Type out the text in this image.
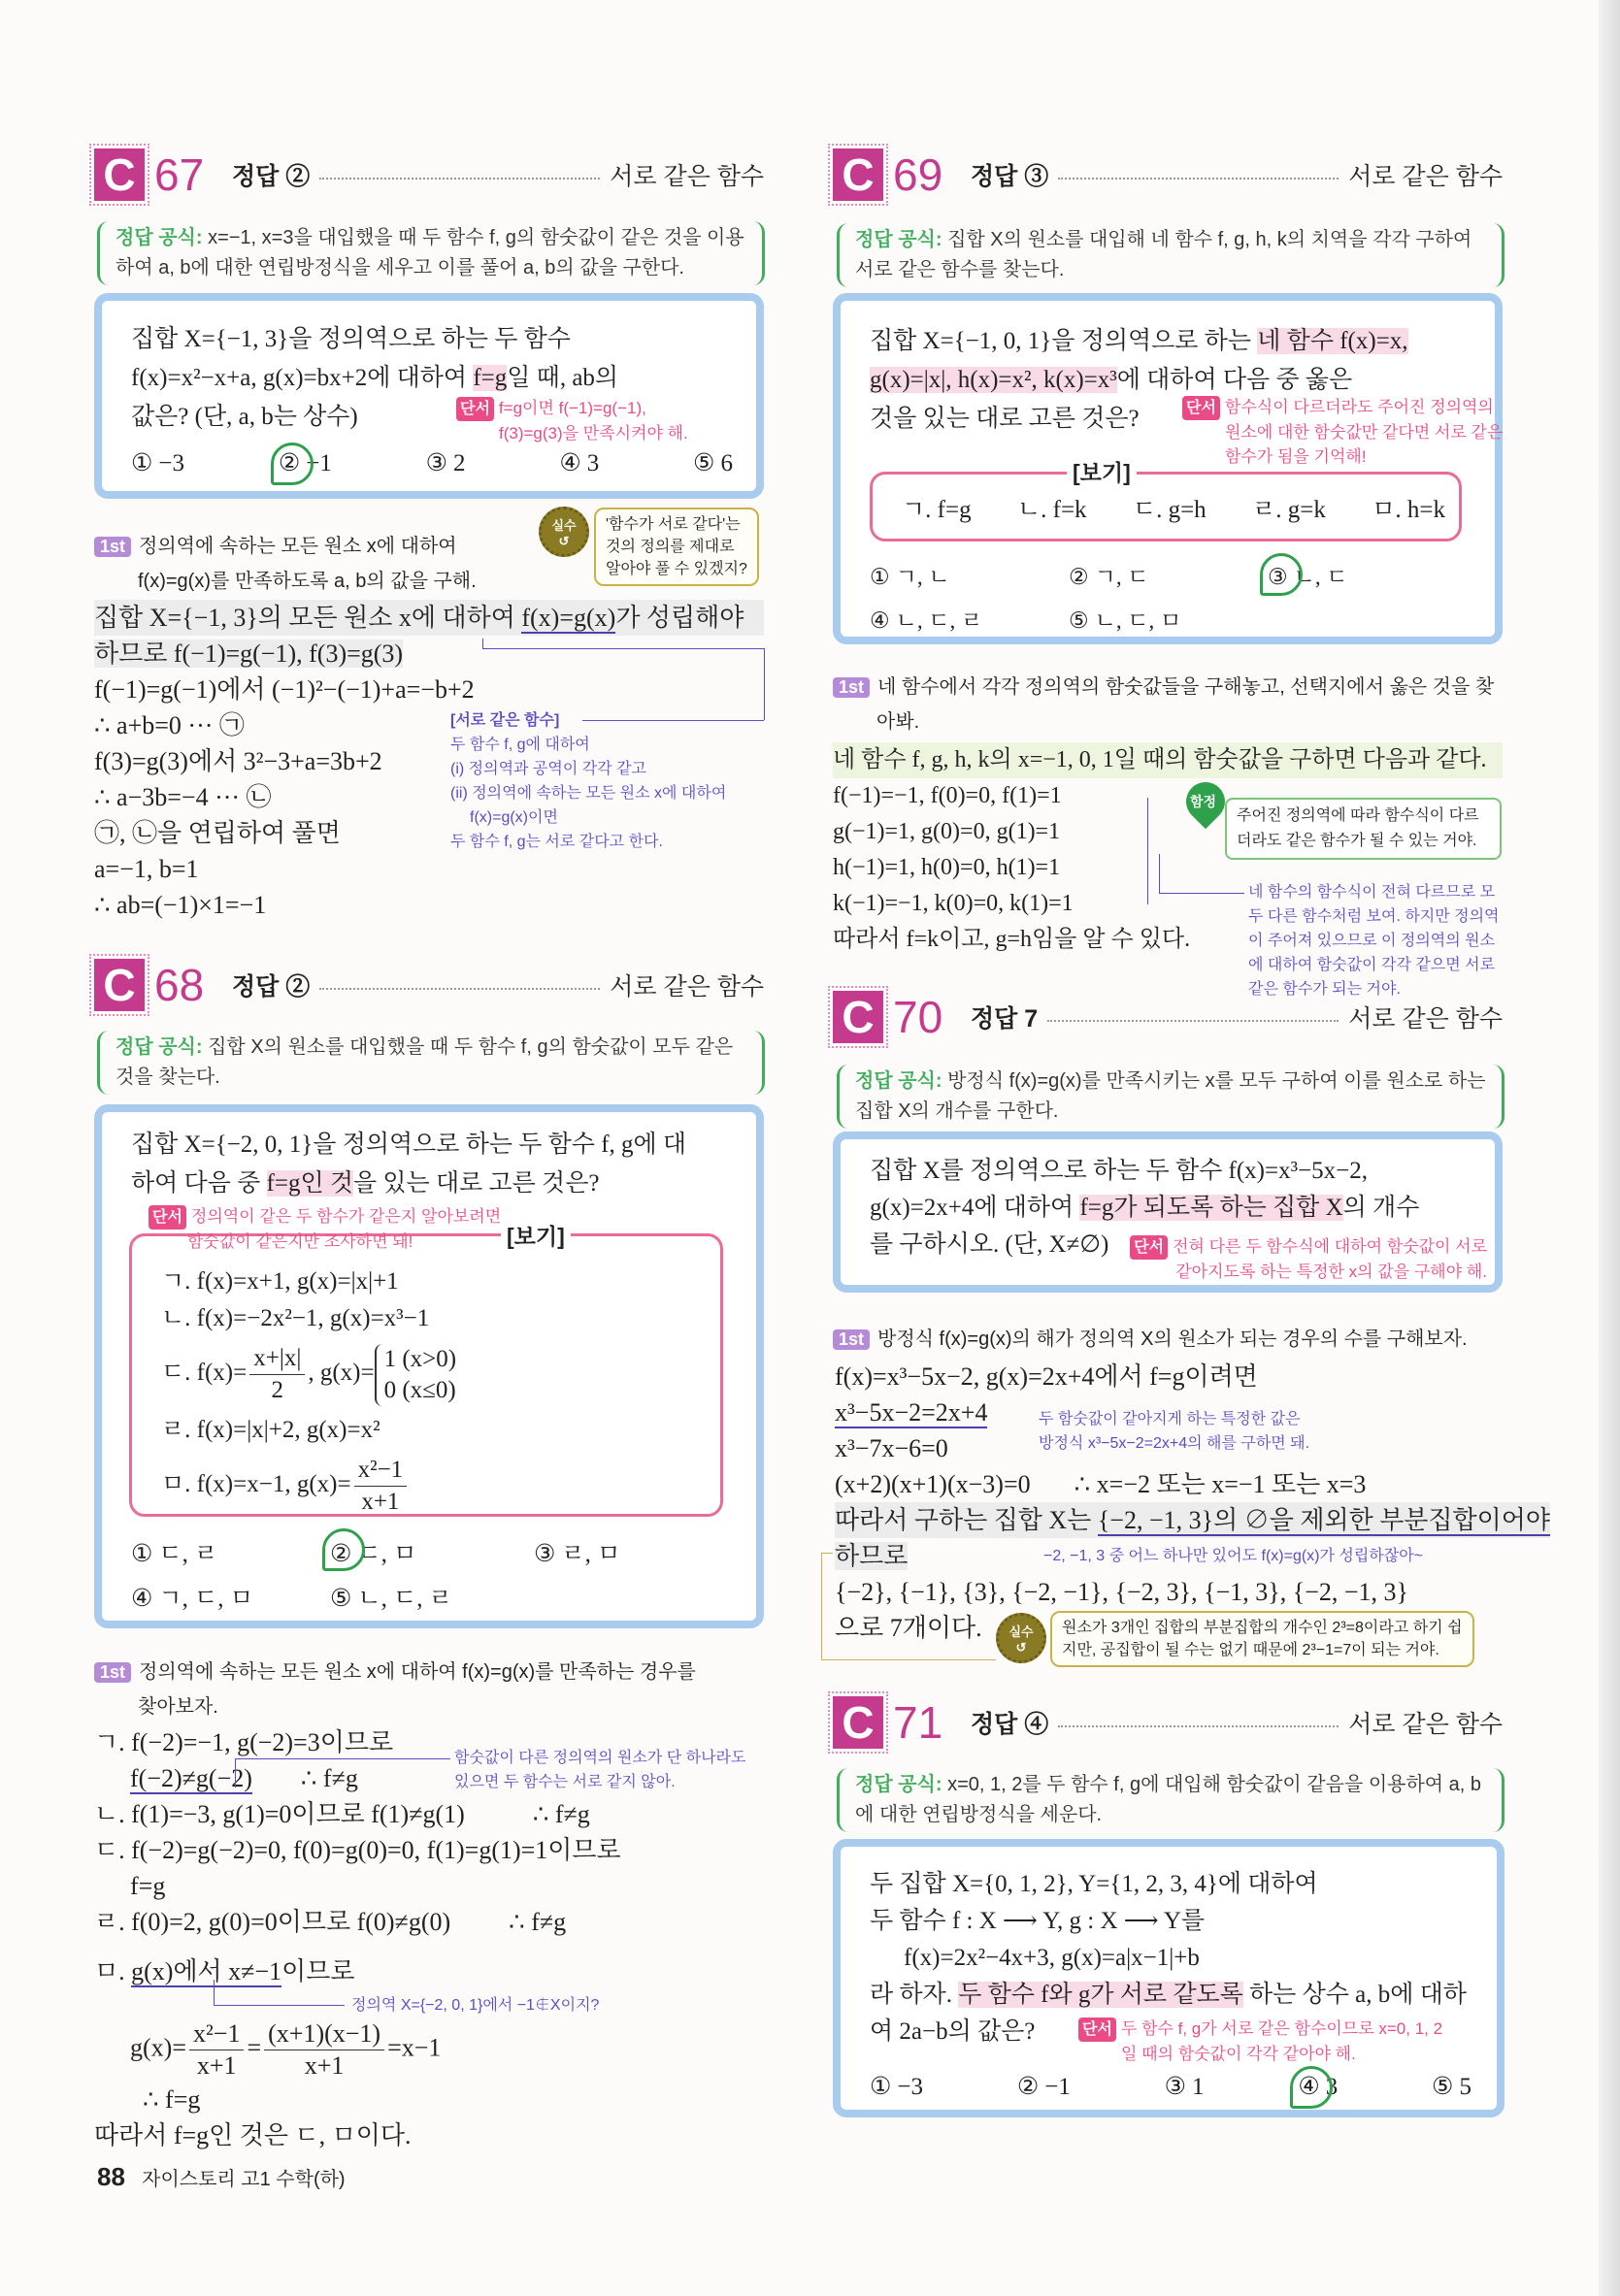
C 67	정답 ②	서로 같은 함수
정답 공식: x=−1, x=3을 대입했을 때 두 함수 f, g의 함숫값이 같은 것을 이용하여 a, b에 대한 연립방정식을 세우고 이를 풀어 a, b의 값을 구한다.
집합 X={−1, 3}을 정의역으로 하는 두 함수
f(x)=x²−x+a, g(x)=bx+2에 대하여 f=g일 때, ab의
값은? (단, a, b는 상수)	단서 f=g이면 f(−1)=g(−1),
f(3)=g(3)을 만족시켜야 해.
① −3	② −1	③ 2	④ 3	⑤ 6
1st 정의역에 속하는 모든 원소 x에 대하여
f(x)=g(x)를 만족하도록 a, b의 값을 구해.
실수
↺
'함수가 서로 같다'는
것의 정의를 제대로
알아야 풀 수 있겠지?
집합 X={−1, 3}의 모든 원소 x에 대하여 f(x)=g(x)가 성립해야
하므로 f(−1)=g(−1), f(3)=g(3)
f(−1)=g(−1)에서 (−1)²−(−1)+a=−b+2
∴ a+b=0 ··· ㉠
f(3)=g(3)에서 3²−3+a=3b+2
∴ a−3b=−4 ··· ㉡
㉠, ㉡을 연립하여 풀면
a=−1, b=1
∴ ab=(−1)×1=−1
[서로 같은 함수]
두 함수 f, g에 대하여
(i) 정의역과 공역이 각각 같고
(ii) 정의역에 속하는 모든 원소 x에 대하여
f(x)=g(x)이면
두 함수 f, g는 서로 같다고 한다.
C 68	정답 ②	서로 같은 함수
정답 공식: 집합 X의 원소를 대입했을 때 두 함수 f, g의 함숫값이 모두 같은 것을 찾는다.
집합 X={−2, 0, 1}을 정의역으로 하는 두 함수 f, g에 대
하여 다음 중 f=g인 것을 있는 대로 고른 것은?
단서 정의역이 같은 두 함수가 같은지 알아보려면
함숫값이 같은지만 조사하면 돼!	[보기]
ㄱ. f(x)=x+1, g(x)=|x|+1
ㄴ. f(x)=−2x²−1, g(x)=x³−1
ㄷ. $f(x)= \frac{x+|x|}{2}$ , g(x)=
1 (x>0)
0 (x≤0)
ㄹ. f(x)=|x|+2, g(x)=x²
ㅁ. f(x)=x−1, $g(x)= \frac{\text{x²−1}}{x+1}$
① ㄷ, ㄹ	② ㄷ, ㅁ	③ ㄹ, ㅁ
④ ㄱ, ㄷ, ㅁ	⑤ ㄴ, ㄷ, ㄹ
1st 정의역에 속하는 모든 원소 x에 대하여 f(x)=g(x)를 만족하는 경우를
찾아보자.
ㄱ. f(−2)=−1, g(−2)=3이므로
f(−2)≠g(−2) ∴ f≠g
ㄴ. f(1)=−3, g(1)=0이므로 f(1)≠g(1)	∴ f≠g
ㄷ. f(−2)=g(−2)=0, f(0)=g(0)=0, f(1)=g(1)=1이므로
f=g
ㄹ. f(0)=2, g(0)=0이므로 f(0)≠g(0) ∴ f≠g
ㅁ. g(x)에서 x≠−1이므로
$g(x)= \frac{\text{x²−1}}{x+1} = \frac{(x+1)(x-1)}{x+1} =x-1$
∴ f=g
따라서 f=g인 것은 ㄷ, ㅁ이다.
함숫값이 다른 정의역의 원소가 단 하나라도
있으면 두 함수는 서로 같지 않아.
정의역 X={−2, 0, 1}에서 −1∉X이지?
C 69	정답 ③	서로 같은 함수
정답 공식: 집합 X의 원소를 대입해 네 함수 f, g, h, k의 치역을 각각 구하여 서로 같은 함수를 찾는다.
집합 X={−1, 0, 1}을 정의역으로 하는 네 함수 f(x)=x,
g(x)=|x|, h(x)=x², k(x)=x³에 대하여 다음 중 옳은
것을 있는 대로 고른 것은?	단서 함수식이 다르더라도 주어진 정의역의
원소에 대한 함숫값만 같다면 서로 같은
함수가 됨을 기억해!
[보기]
ㄱ. f=g ㄴ. f=k ㄷ. g=h ㄹ. g=k ㅁ. h=k
① ㄱ, ㄴ	② ㄱ, ㄷ	③ ㄴ, ㄷ
④ ㄴ, ㄷ, ㄹ	⑤ ㄴ, ㄷ, ㅁ
1st 네 함수에서 각각 정의역의 함숫값들을 구해놓고, 선택지에서 옳은 것을 찾
아봐.
네 함수 f, g, h, k의 x=−1, 0, 1일 때의 함숫값을 구하면 다음과 같다.
f(−1)=−1, f(0)=0, f(1)=1
g(−1)=1, g(0)=0, g(1)=1
h(−1)=1, h(0)=0, h(1)=1
k(−1)=−1, k(0)=0, k(1)=1
따라서 f=k이고, g=h임을 알 수 있다.
함정
주어진 정의역에 따라 함수식이 다르
더라도 같은 함수가 될 수 있는 거야.
네 함수의 함수식이 전혀 다르므로 모
두 다른 함수처럼 보여. 하지만 정의역
이 주어져 있으므로 이 정의역의 원소
에 대하여 함숫값이 각각 같으면 서로
같은 함수가 되는 거야.
C 70	정답 7	서로 같은 함수
정답 공식: 방정식 f(x)=g(x)를 만족시키는 x를 모두 구하여 이를 원소로 하는 집합 X의 개수를 구한다.
집합 X를 정의역으로 하는 두 함수 f(x)=x³−5x−2,
g(x)=2x+4에 대하여 f=g가 되도록 하는 집합 X의 개수
를 구하시오. (단, X≠∅)	단서 전혀 다른 두 함수식에 대하여 함숫값이 서로
같아지도록 하는 특정한 x의 값을 구해야 해.
1st 방정식 f(x)=g(x)의 해가 정의역 X의 원소가 되는 경우의 수를 구해보자.
f(x)=x³−5x−2, g(x)=2x+4에서 f=g이려면
x³−5x−2=2x+4
x³−7x−6=0
(x+2)(x+1)(x−3)=0 ∴ x=−2 또는 x=−1 또는 x=3
따라서 구하는 집합 X는 {−2, −1, 3}의 ∅을 제외한 부분집합이어야
하므로
{−2}, {−1}, {3}, {−2, −1}, {−2, 3}, {−1, 3}, {−2, −1, 3}
으로 7개이다.
두 함숫값이 같아지게 하는 특정한 값은
방정식 x³−5x−2=2x+4의 해를 구하면 돼.
−2, −1, 3 중 어느 하나만 있어도 f(x)=g(x)가 성립하잖아~
실수
↺
원소가 3개인 집합의 부분집합의 개수인 2³=8이라고 하기 쉽
지만, 공집합이 될 수는 없기 때문에 2³−1=7이 되는 거야.
C 71	정답 ④	서로 같은 함수
정답 공식: x=0, 1, 2를 두 함수 f, g에 대입해 함숫값이 같음을 이용하여 a, b에 대한 연립방정식을 세운다.
두 집합 X={0, 1, 2}, Y={1, 2, 3, 4}에 대하여
두 함수 f : X ⟶ Y, g : X ⟶ Y를
f(x)=2x²−4x+3, g(x)=a|x−1|+b
라 하자. 두 함수 f와 g가 서로 같도록 하는 상수 a, b에 대하
여 2a−b의 값은?	단서 두 함수 f, g가 서로 같은 함수이므로 x=0, 1, 2
일 때의 함숫값이 각각 같아야 해.
① −3	② −1	③ 1	④ 3	⑤ 5
88 자이스토리 고1 수학(하)
